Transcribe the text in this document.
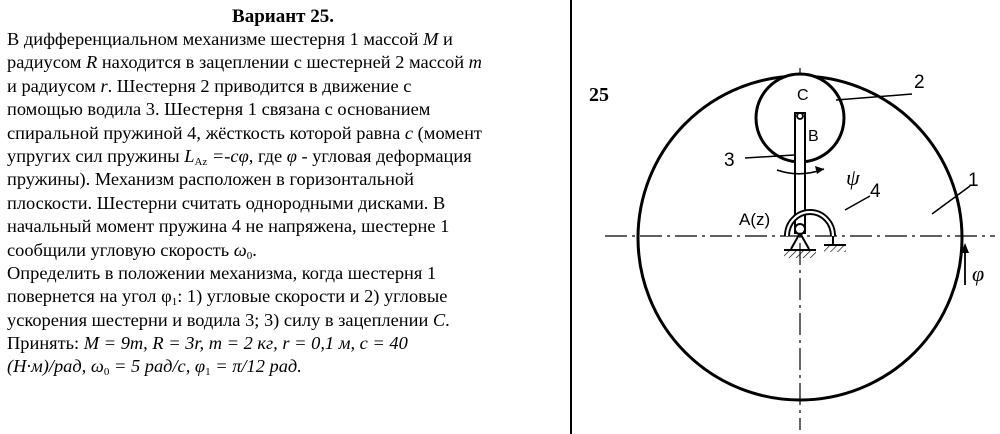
Вариант 25.
В дифференциальном механизме шестерня 1 массой M и
радиусом R находится в зацеплении с шестерней 2 массой m
и радиусом r. Шестерня 2 приводится в движение с
помощью водила 3. Шестерня 1 связана с основанием
спиральной пружиной 4, жёсткость которой равна c (момент
упругих сил пружины $L_{Az} =-c\varphi$, где φ - угловая деформация
пружины). Механизм расположен в горизонтальной
плоскости. Шестерни считать однородными дисками. В
начальный момент пружина 4 не напряжена, шестерне 1
сообщили угловую скорость $\omega_0$.
Определить в положении механизма, когда шестерня 1
повернется на угол $\varphi_1$: 1) угловые скорости и 2) угловые
ускорения шестерни и водила 3; 3) силу в зацеплении C.
Принять: M = 9m, R = 3r, m = 2 кг, r = 0,1 м, c = 40
(Н·м)/рад, $\omega_0 = 5$ рад/с, $\varphi_1 = \pi/12$ рад.
25
2
C
B
3
ψ
4
A(z)
1
φ
